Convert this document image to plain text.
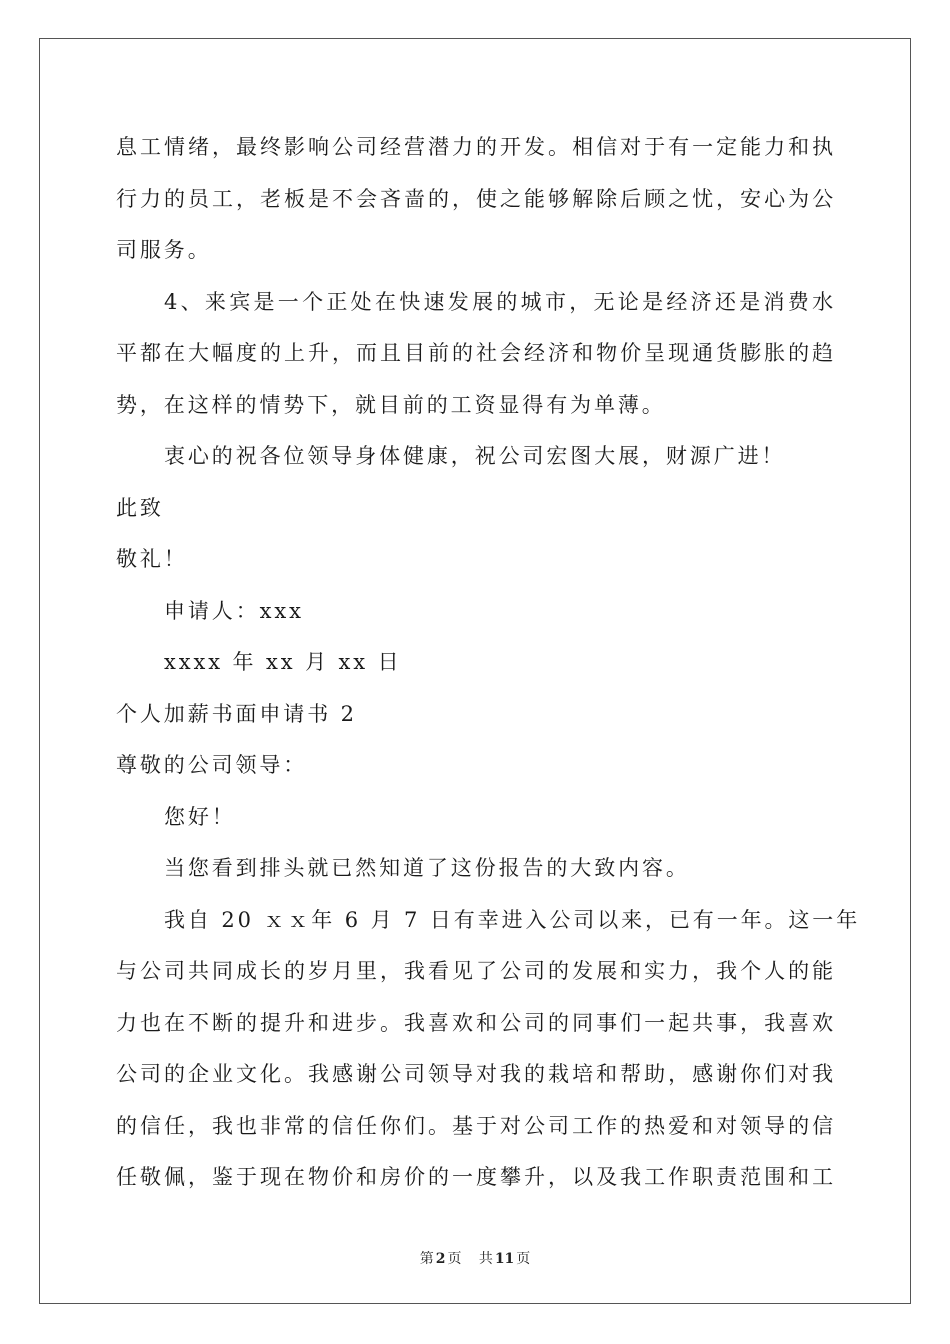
息工情绪，最终影响公司经营潜力的开发。相信对于有一定能力和执
行力的员工，老板是不会吝啬的，使之能够解除后顾之忧，安心为公
司服务。
4、来宾是一个正处在快速发展的城市，无论是经济还是消费水
平都在大幅度的上升，而且目前的社会经济和物价呈现通货膨胀的趋
势，在这样的情势下，就目前的工资显得有为单薄。
衷心的祝各位领导身体健康，祝公司宏图大展，财源广进！
此致
敬礼！
申请人：xxx
xxxx 年 xx 月 xx 日
个人加薪书面申请书 2
尊敬的公司领导：
您好！
当您看到排头就已然知道了这份报告的大致内容。
我自 20 ｘｘ年 6 月 7 日有幸进入公司以来，已有一年。这一年
与公司共同成长的岁月里，我看见了公司的发展和实力，我个人的能
力也在不断的提升和进步。我喜欢和公司的同事们一起共事，我喜欢
公司的企业文化。我感谢公司领导对我的栽培和帮助，感谢你们对我
的信任，我也非常的信任你们。基于对公司工作的热爱和对领导的信
任敬佩，鉴于现在物价和房价的一度攀升，以及我工作职责范围和工
第 2 页 共 11 页
